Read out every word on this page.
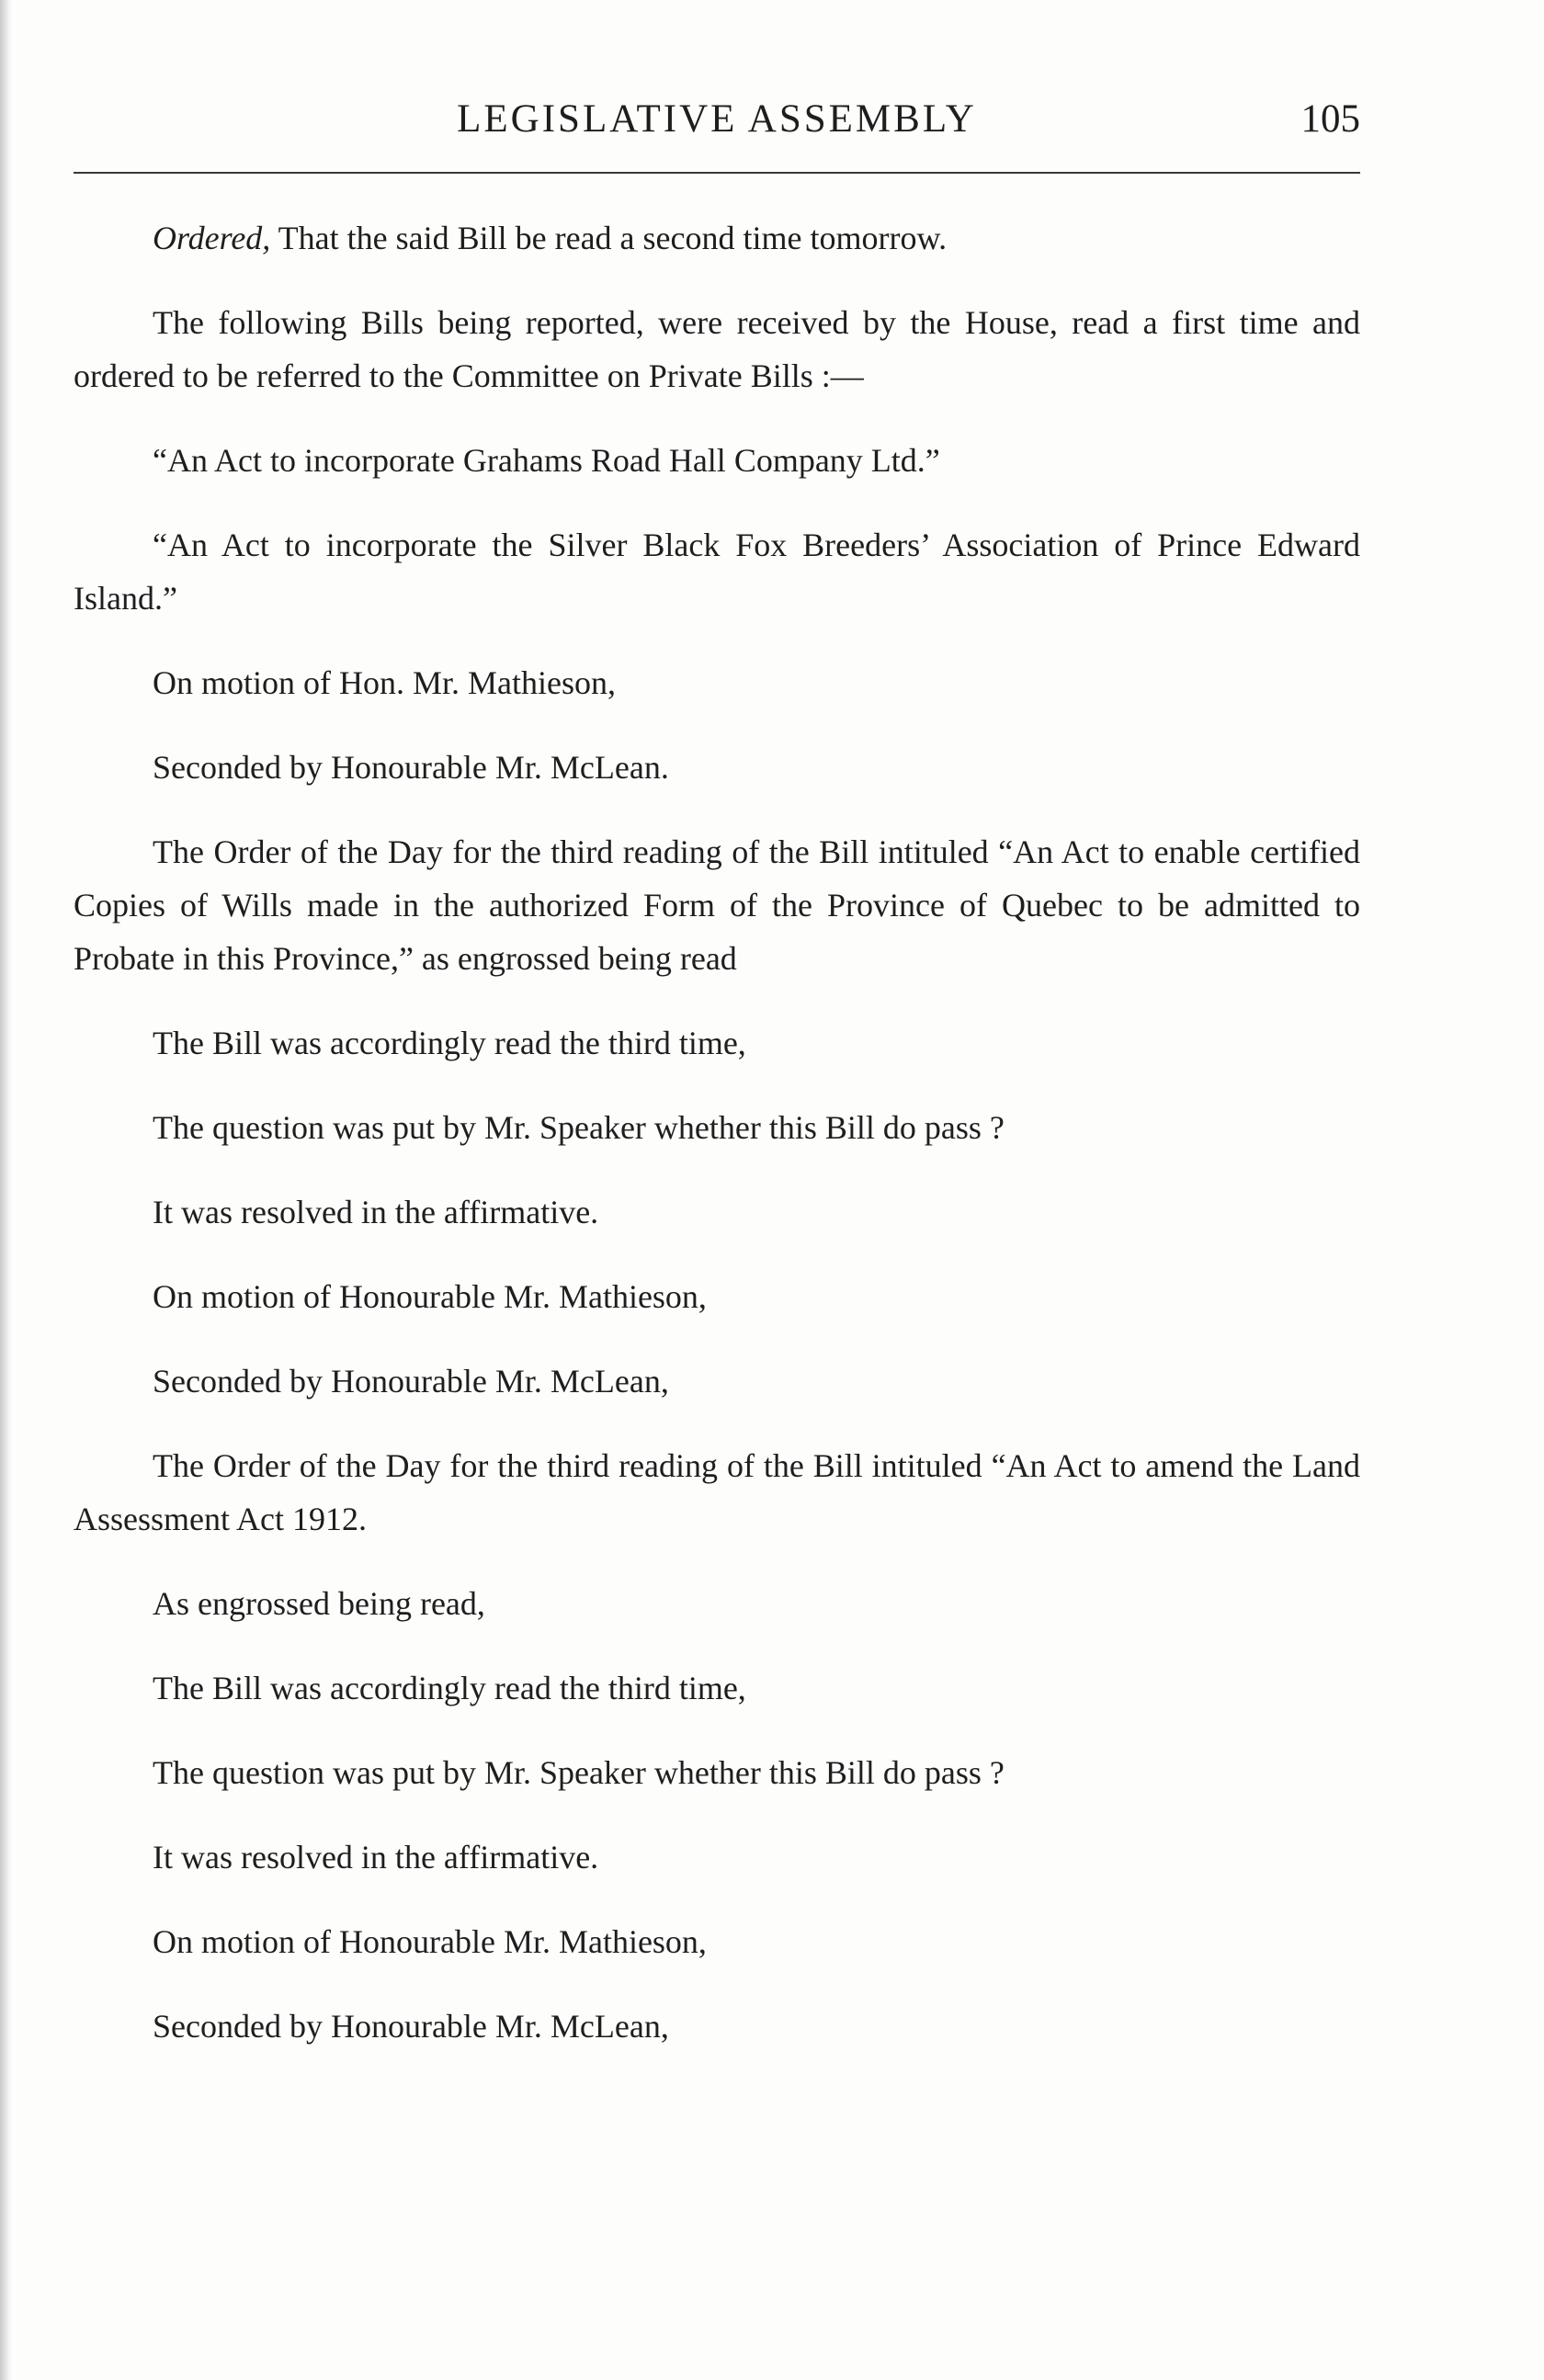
LEGISLATIVE ASSEMBLY	105

Ordered, That the said Bill be read a second time tomorrow.

The following Bills being reported, were received by the House, read a first time and ordered to be referred to the Committee on Private Bills :—

“An Act to incorporate Grahams Road Hall Company Ltd.”

“An Act to incorporate the Silver Black Fox Breeders’ Association of Prince Edward Island.”

On motion of Hon. Mr. Mathieson,

Seconded by Honourable Mr. McLean.

The Order of the Day for the third reading of the Bill intituled “An Act to enable certified Copies of Wills made in the authorized Form of the Province of Quebec to be admitted to Probate in this Province,” as engrossed being read

The Bill was accordingly read the third time,

The question was put by Mr. Speaker whether this Bill do pass ?

It was resolved in the affirmative.

On motion of Honourable Mr. Mathieson,

Seconded by Honourable Mr. McLean,

The Order of the Day for the third reading of the Bill intituled “An Act to amend the Land Assessment Act 1912.

As engrossed being read,

The Bill was accordingly read the third time,

The question was put by Mr. Speaker whether this Bill do pass ?

It was resolved in the affirmative.

On motion of Honourable Mr. Mathieson,

Seconded by Honourable Mr. McLean,
